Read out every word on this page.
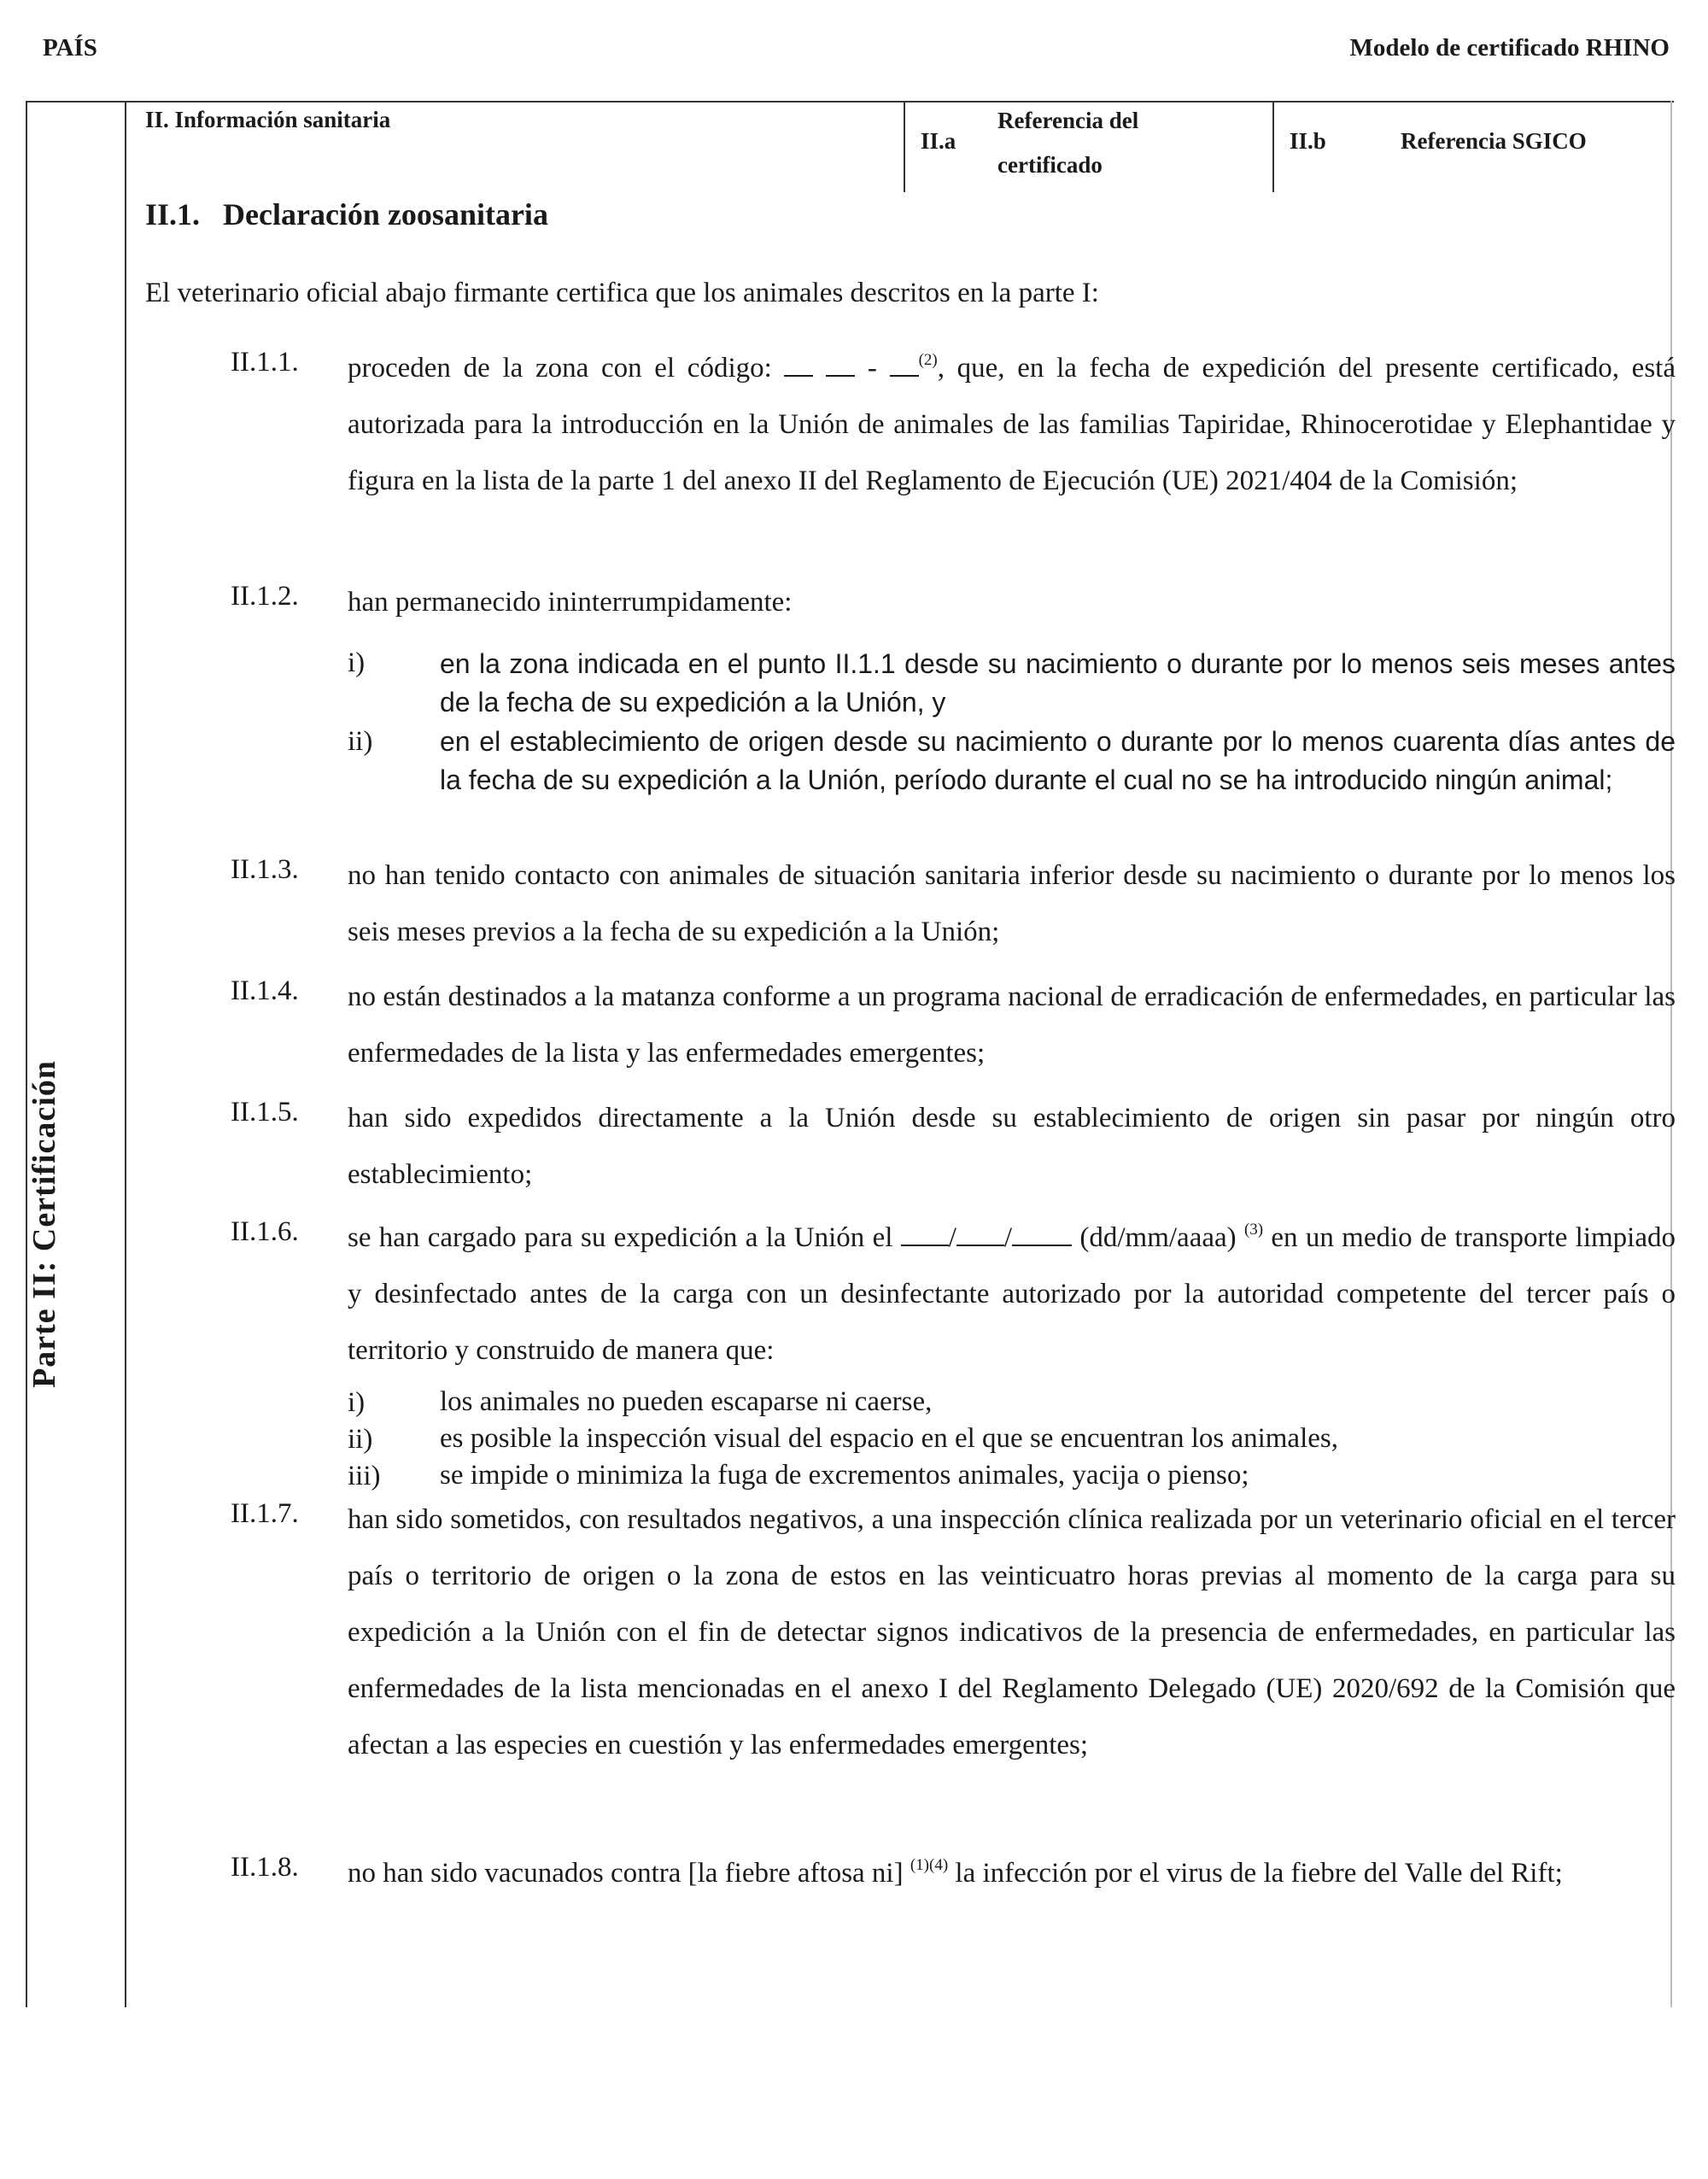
PAÍS	Modelo de certificado RHINO
II. Información sanitaria
II.a
Referencia del
certificado
II.b	Referencia SGICO
Parte II: Certificación
II.1.   Declaración zoosanitaria
El veterinario oficial abajo firmante certifica que los animales descritos en la parte I:
II.1.1. proceden de la zona con el código:	- $^{(2)}$, que, en la fecha de expedición del presente certificado, está autorizada para la introducción en la Unión de animales de las familias Tapiridae, Rhinocerotidae y Elephantidae y figura en la lista de la parte 1 del anexo II del Reglamento de Ejecución (UE) 2021/404 de la Comisión;
II.1.2. han permanecido ininterrumpidamente:
i)	en la zona indicada en el punto II.1.1 desde su nacimiento o durante por lo menos seis meses antes de la fecha de su expedición a la Unión, y
ii) en el establecimiento de origen desde su nacimiento o durante por lo menos cuarenta días antes de la fecha de su expedición a la Unión, período durante el cual no se ha introducido ningún animal;
II.1.3. no han tenido contacto con animales de situación sanitaria inferior desde su nacimiento o durante por lo menos los seis meses previos a la fecha de su expedición a la Unión;
II.1.4. no están destinados a la matanza conforme a un programa nacional de erradicación de enfermedades, en particular las enfermedades de la lista y las enfermedades emergentes;
II.1.5. han sido expedidos directamente a la Unión desde su establecimiento de origen sin pasar por ningún otro establecimiento;
II.1.6. se han cargado para su expedición a la Unión el / / (dd/mm/aaaa) $^{(3)}$ en un medio de transporte limpiado y desinfectado antes de la carga con un desinfectante autorizado por la autoridad competente del tercer país o territorio y construido de manera que:
i)	los animales no pueden escaparse ni caerse,
ii) es posible la inspección visual del espacio en el que se encuentran los animales,
iii) se impide o minimiza la fuga de excrementos animales, yacija o pienso;
II.1.7. han sido sometidos, con resultados negativos, a una inspección clínica realizada por un veterinario oficial en el tercer país o territorio de origen o la zona de estos en las veinticuatro horas previas al momento de la carga para su expedición a la Unión con el fin de detectar signos indicativos de la presencia de enfermedades, en particular las enfermedades de la lista mencionadas en el anexo I del Reglamento Delegado (UE) 2020/692 de la Comisión que afectan a las especies en cuestión y las enfermedades emergentes;
II.1.8. no han sido vacunados contra [la fiebre aftosa ni] $^{(1)(4)}$ la infección por el virus de la fiebre del Valle del Rift;
